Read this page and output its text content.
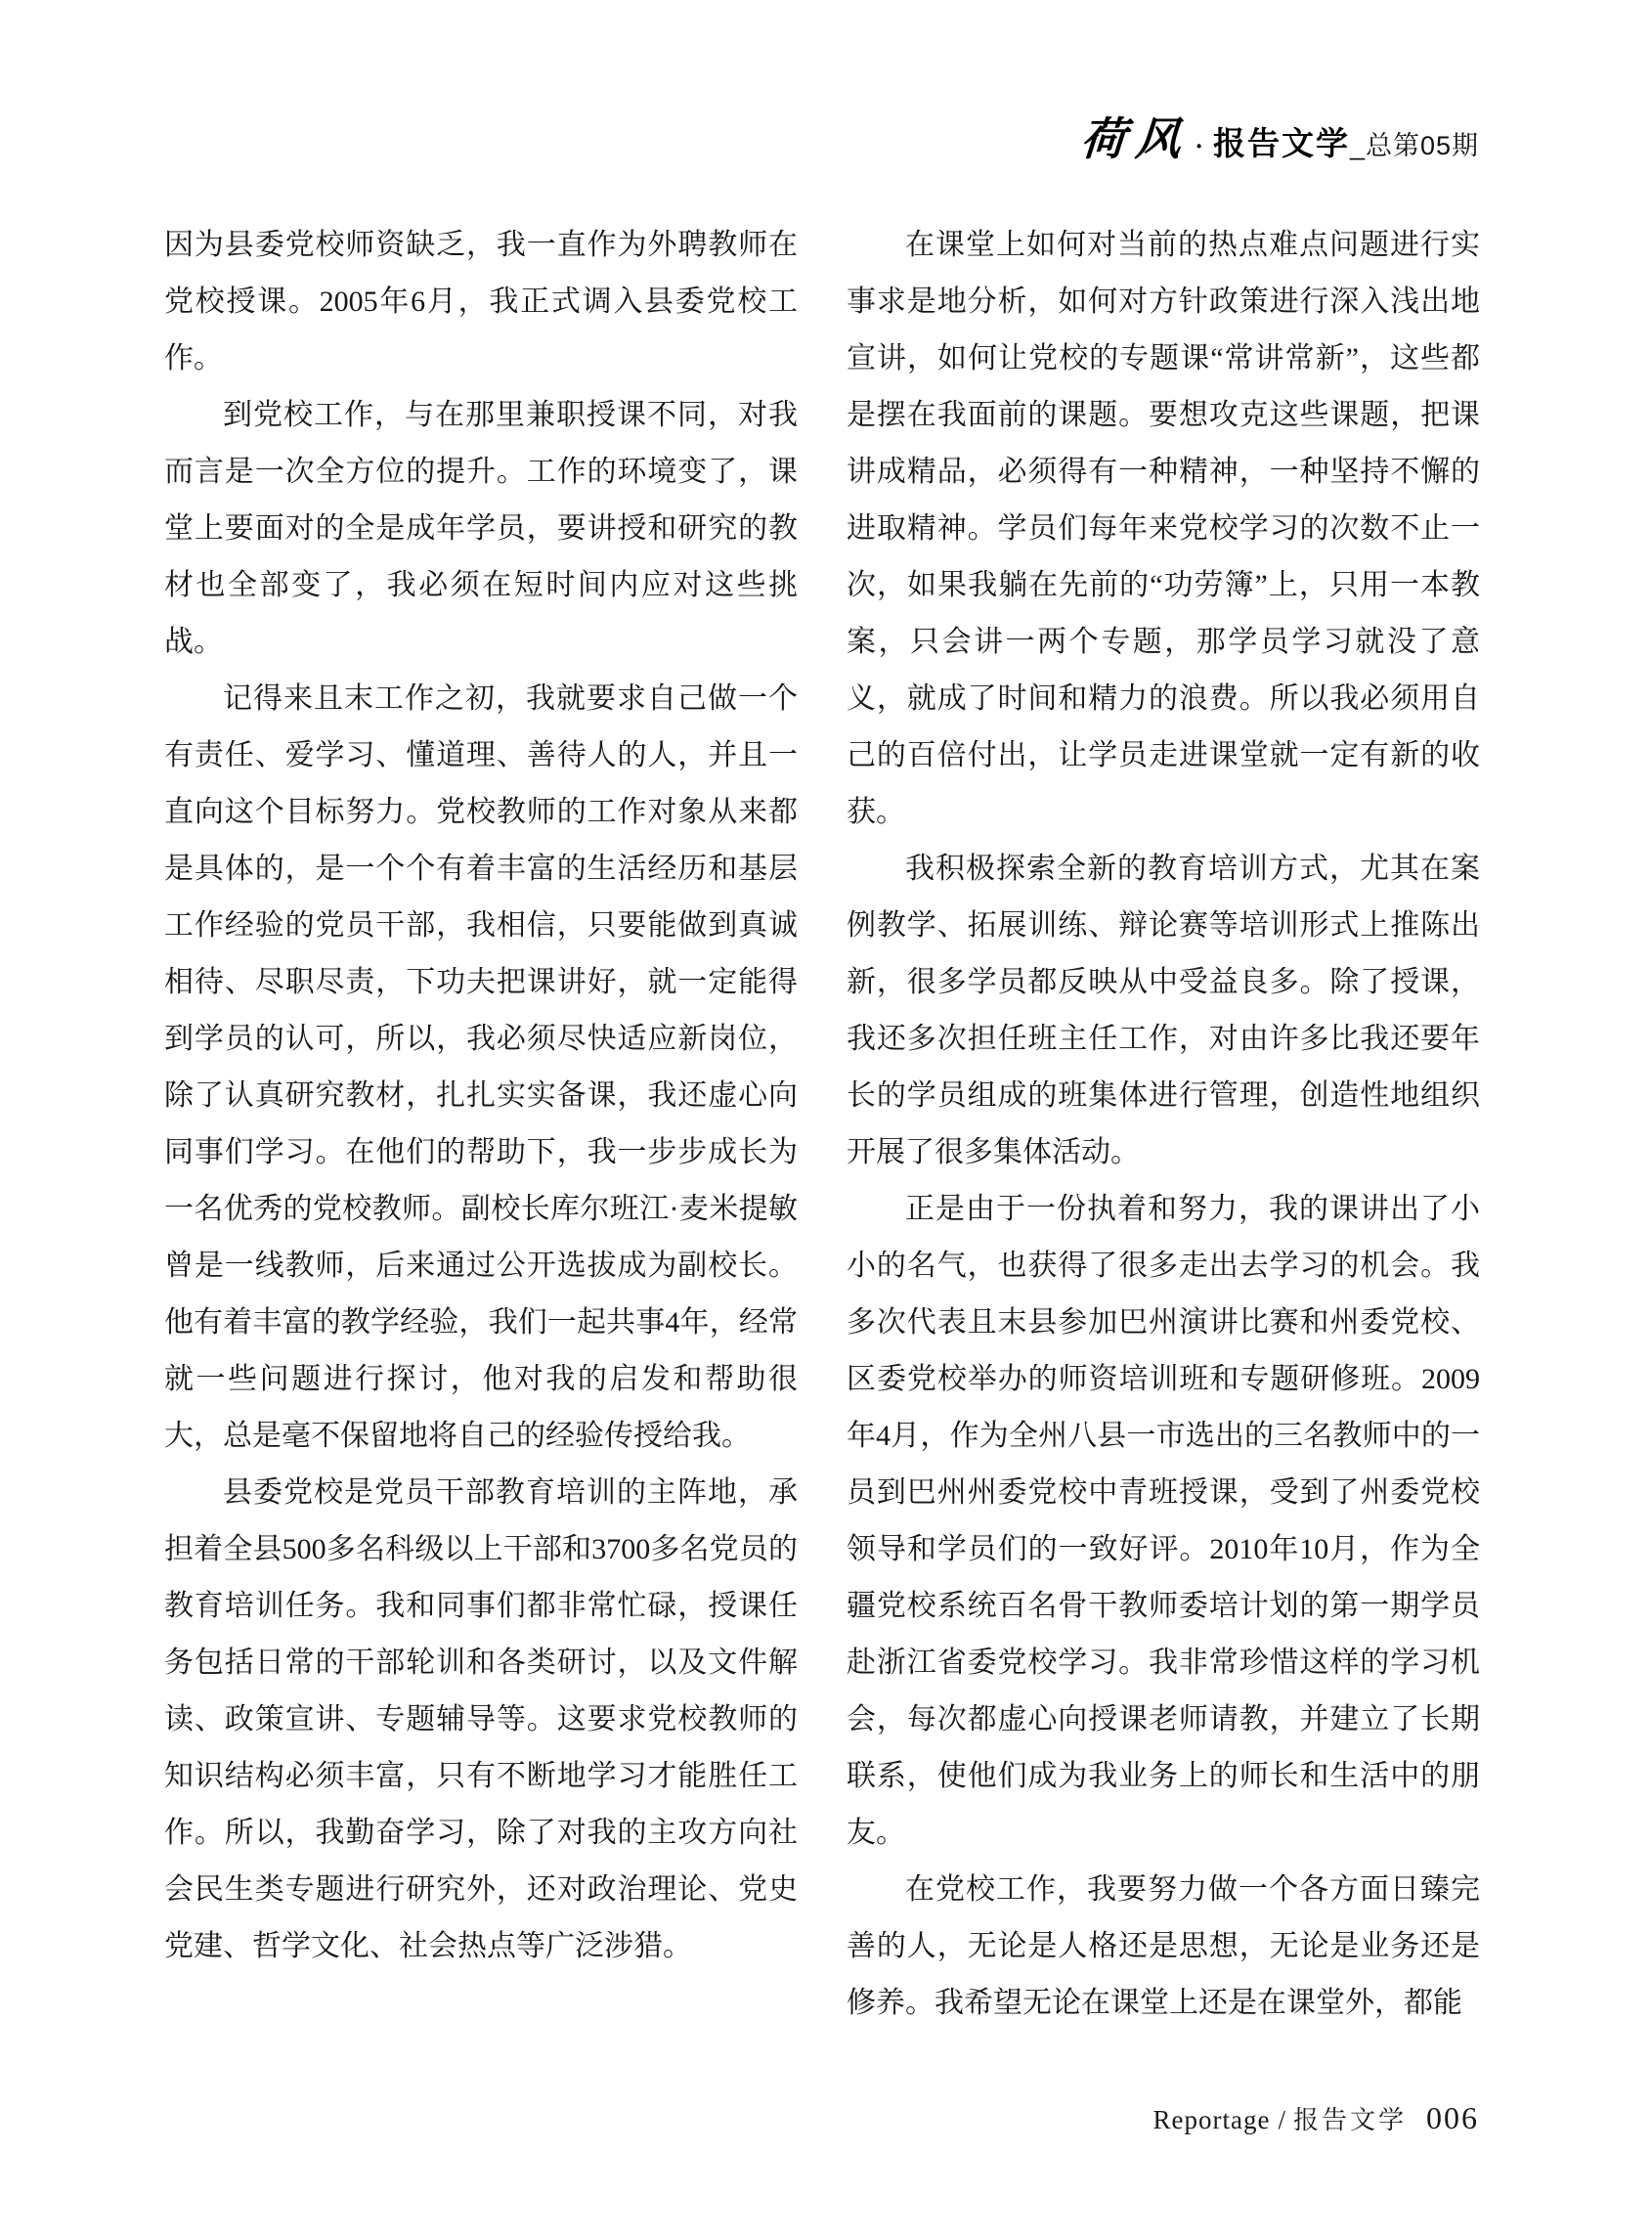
荷风 · 报告文学 _总第05期

因为县委党校师资缺乏，我一直作为外聘教师在党校授课。2005年6月，我正式调入县委党校工作。

到党校工作，与在那里兼职授课不同，对我而言是一次全方位的提升。工作的环境变了，课堂上要面对的全是成年学员，要讲授和研究的教材也全部变了，我必须在短时间内应对这些挑战。

记得来且末工作之初，我就要求自己做一个有责任、爱学习、懂道理、善待人的人，并且一直向这个目标努力。党校教师的工作对象从来都是具体的，是一个个有着丰富的生活经历和基层工作经验的党员干部，我相信，只要能做到真诚相待、尽职尽责，下功夫把课讲好，就一定能得到学员的认可，所以，我必须尽快适应新岗位，除了认真研究教材，扎扎实实备课，我还虚心向同事们学习。在他们的帮助下，我一步步成长为一名优秀的党校教师。副校长库尔班江·麦米提敏曾是一线教师，后来通过公开选拔成为副校长。他有着丰富的教学经验，我们一起共事4年，经常就一些问题进行探讨，他对我的启发和帮助很大，总是毫不保留地将自己的经验传授给我。

县委党校是党员干部教育培训的主阵地，承担着全县500多名科级以上干部和3700多名党员的教育培训任务。我和同事们都非常忙碌，授课任务包括日常的干部轮训和各类研讨，以及文件解读、政策宣讲、专题辅导等。这要求党校教师的知识结构必须丰富，只有不断地学习才能胜任工作。所以，我勤奋学习，除了对我的主攻方向社会民生类专题进行研究外，还对政治理论、党史党建、哲学文化、社会热点等广泛涉猎。

在课堂上如何对当前的热点难点问题进行实事求是地分析，如何对方针政策进行深入浅出地宣讲，如何让党校的专题课“常讲常新”，这些都是摆在我面前的课题。要想攻克这些课题，把课讲成精品，必须得有一种精神，一种坚持不懈的进取精神。学员们每年来党校学习的次数不止一次，如果我躺在先前的“功劳簿”上，只用一本教案，只会讲一两个专题，那学员学习就没了意义，就成了时间和精力的浪费。所以我必须用自己的百倍付出，让学员走进课堂就一定有新的收获。

我积极探索全新的教育培训方式，尤其在案例教学、拓展训练、辩论赛等培训形式上推陈出新，很多学员都反映从中受益良多。除了授课，我还多次担任班主任工作，对由许多比我还要年长的学员组成的班集体进行管理，创造性地组织开展了很多集体活动。

正是由于一份执着和努力，我的课讲出了小小的名气，也获得了很多走出去学习的机会。我多次代表且末县参加巴州演讲比赛和州委党校、区委党校举办的师资培训班和专题研修班。2009年4月，作为全州八县一市选出的三名教师中的一员到巴州州委党校中青班授课，受到了州委党校领导和学员们的一致好评。2010年10月，作为全疆党校系统百名骨干教师委培计划的第一期学员赴浙江省委党校学习。我非常珍惜这样的学习机会，每次都虚心向授课老师请教，并建立了长期联系，使他们成为我业务上的师长和生活中的朋友。

在党校工作，我要努力做一个各方面日臻完善的人，无论是人格还是思想，无论是业务还是修养。我希望无论在课堂上还是在课堂外，都能

Reportage / 报告文学 006
